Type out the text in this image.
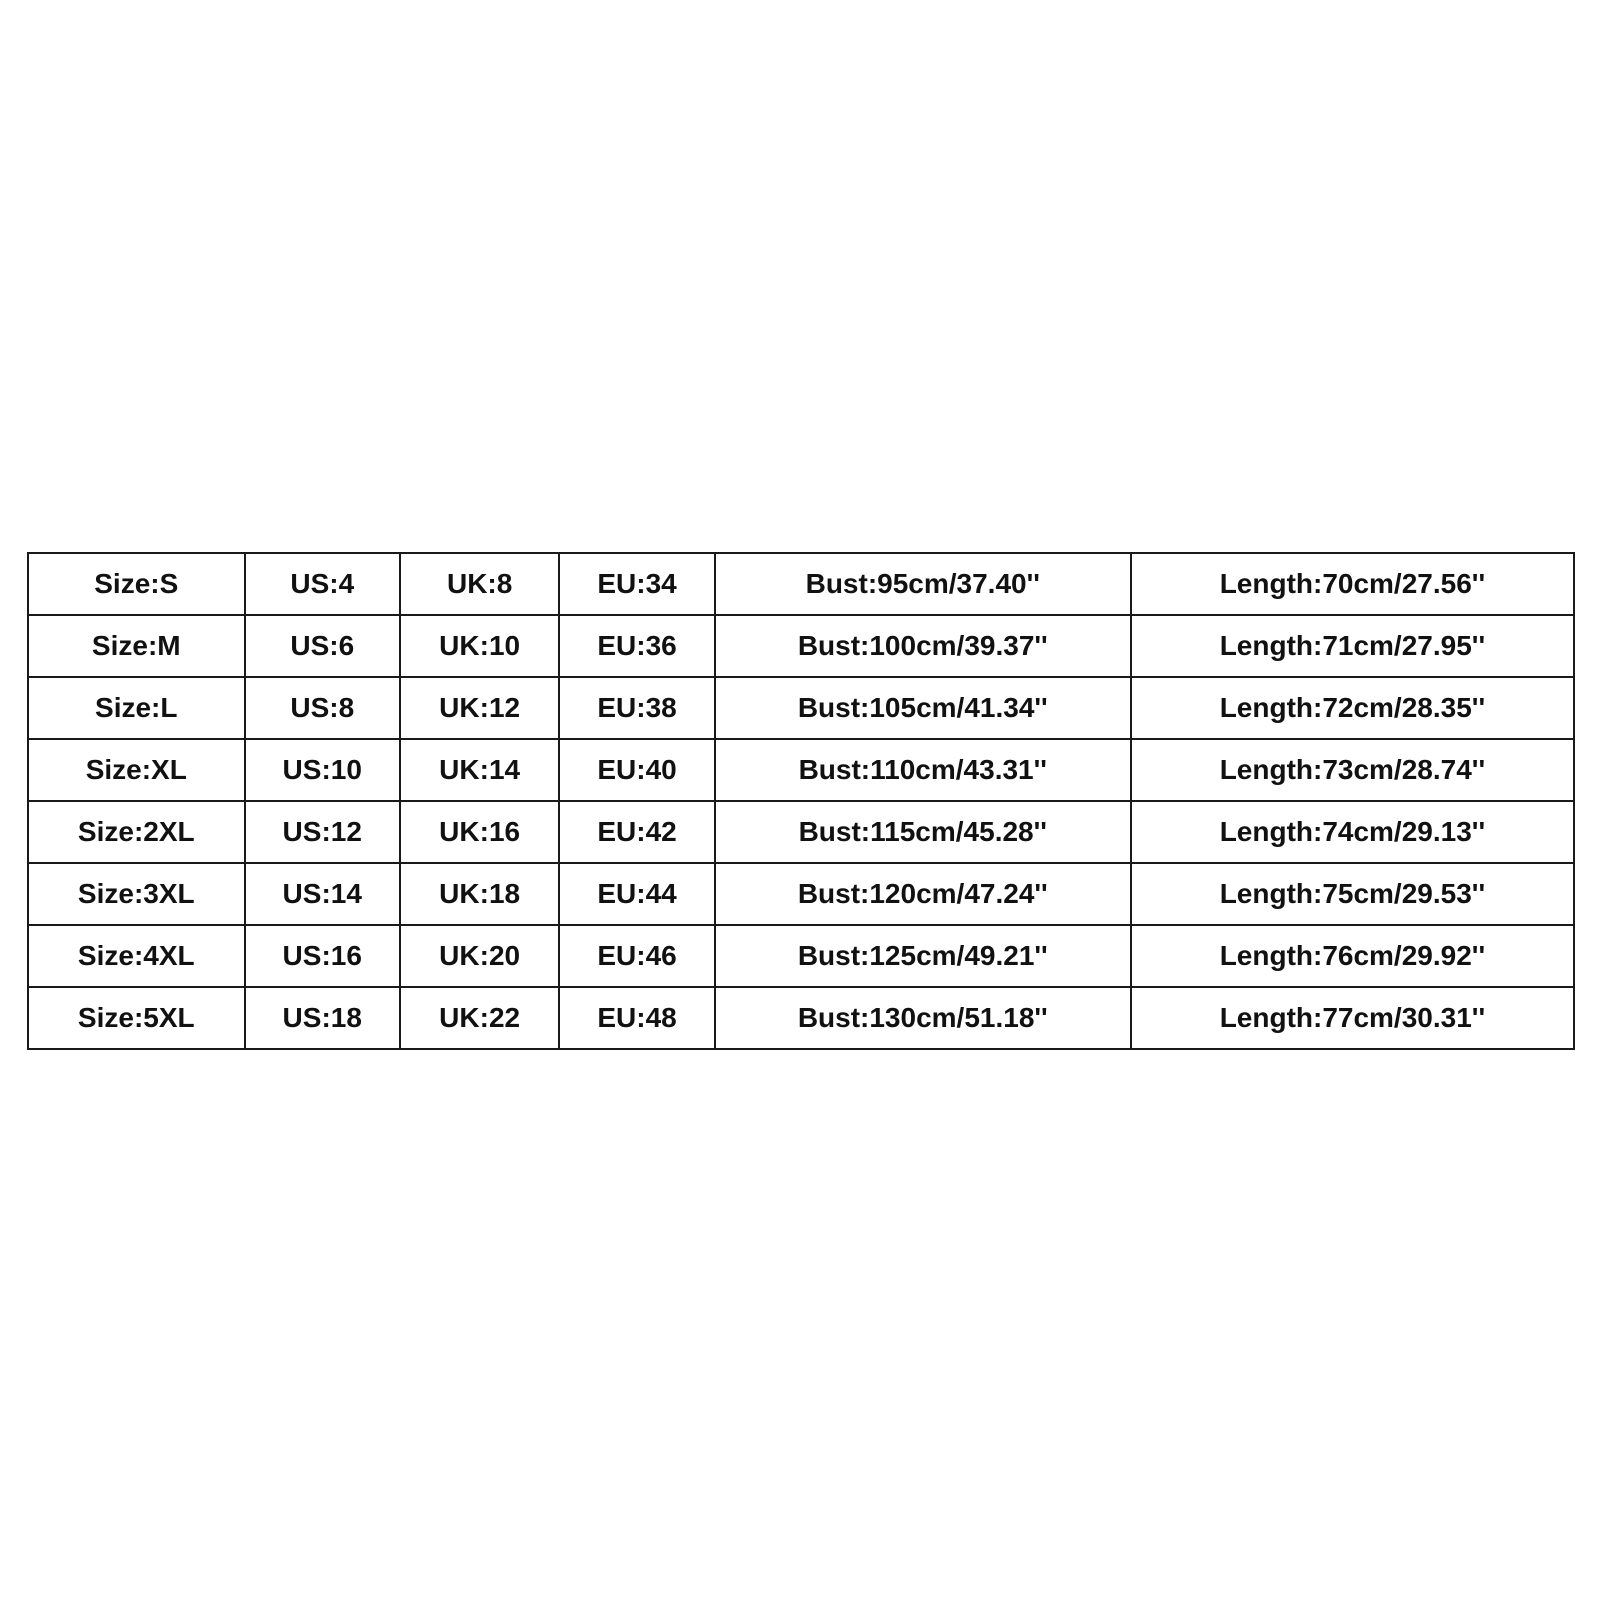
Size:S	US:4	UK:8	EU:34	Bust:95cm/37.40''	Length:70cm/27.56''
Size:M	US:6	UK:10	EU:36	Bust:100cm/39.37''	Length:71cm/27.95''
Size:L	US:8	UK:12	EU:38	Bust:105cm/41.34''	Length:72cm/28.35''
Size:XL	US:10	UK:14	EU:40	Bust:110cm/43.31''	Length:73cm/28.74''
Size:2XL	US:12	UK:16	EU:42	Bust:115cm/45.28''	Length:74cm/29.13''
Size:3XL	US:14	UK:18	EU:44	Bust:120cm/47.24''	Length:75cm/29.53''
Size:4XL	US:16	UK:20	EU:46	Bust:125cm/49.21''	Length:76cm/29.92''
Size:5XL	US:18	UK:22	EU:48	Bust:130cm/51.18''	Length:77cm/30.31''
